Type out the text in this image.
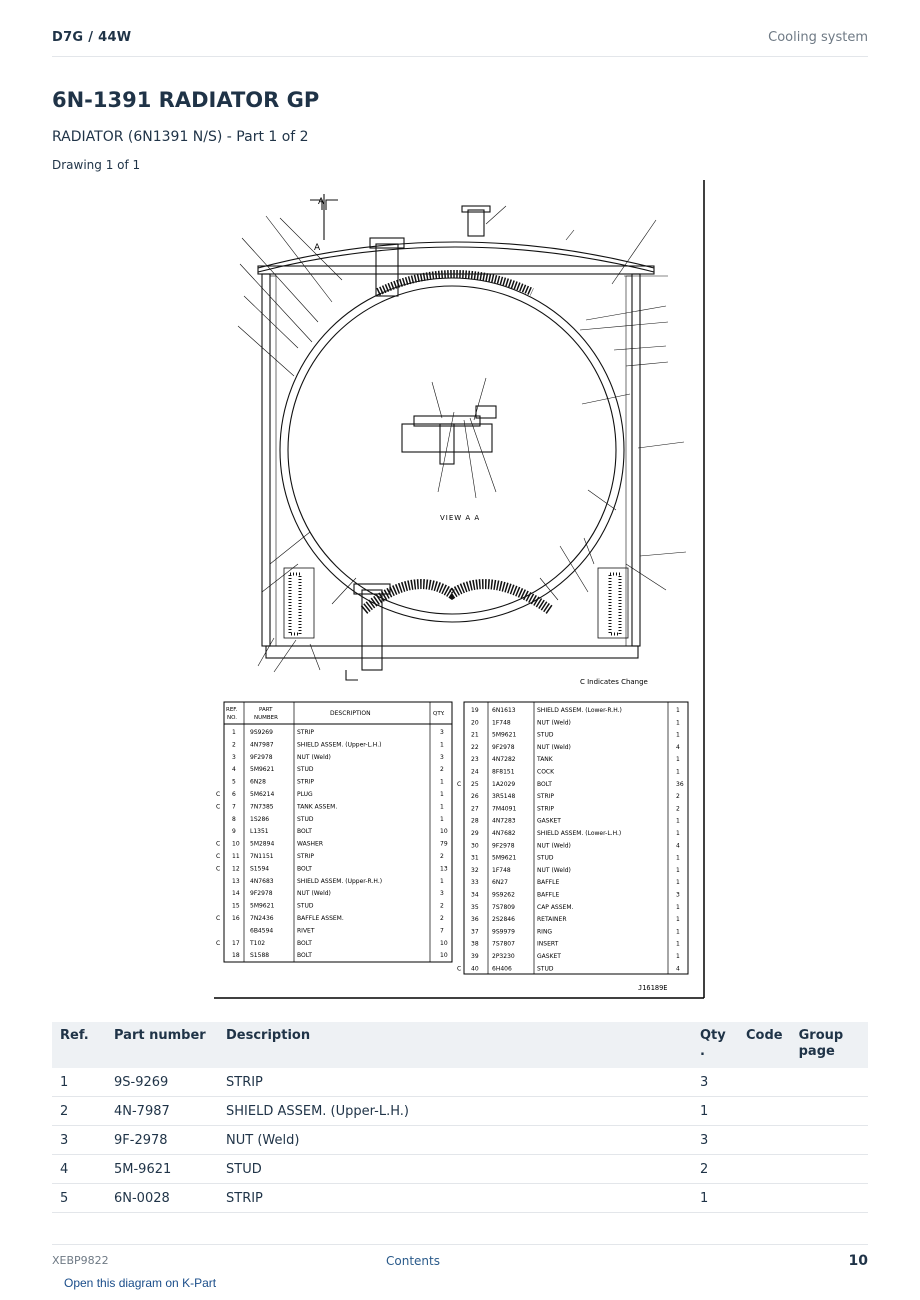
D7G / 44W	Cooling system
6N-1391 RADIATOR GP
RADIATOR (6N1391 N/S) - Part 1 of 2
Drawing 1 of 1
A
A
VIEW A A
C Indicates Change
J16189E
REF.
NO.
PART
NUMBER
DESCRIPTION	QTY.
1 9S9269	STRIP	3
2 4N7987	SHIELD ASSEM. (Upper-L.H.)	1
3 9F2978	NUT (Weld)	3
4 5M9621	STUD	2
5 6N28	STRIP	1
C 6 5M6214	PLUG	1
C 7 7N7385	TANK ASSEM.	1
8 1S286	STUD	1
9 L1351	BOLT	10
C 10 5M2894	WASHER	79
C 11 7N1151	STRIP	2
C 12 S1594	BOLT	13
13 4N7683	SHIELD ASSEM. (Upper-R.H.)	1
14 9F2978	NUT (Weld)	3
15 5M9621	STUD	2
C 16 7N2436	BAFFLE ASSEM.	2
6B4594	RIVET	7
C 17 T102	BOLT	10
18 S1588	BOLT	10
19 6N1613	SHIELD ASSEM. (Lower-R.H.)	1
20 1F748	NUT (Weld)	1
21 5M9621	STUD	1
22 9F2978	NUT (Weld)	4
23 4N7282	TANK	1
24 8F8151	COCK	1
C 25 1A2029	BOLT	36
26 3R5148	STRIP	2
27 7M4091	STRIP	2
28 4N7283	GASKET	1
29 4N7682	SHIELD ASSEM. (Lower-L.H.)	1
30 9F2978	NUT (Weld)	4
31 5M9621	STUD	1
32 1F748	NUT (Weld)	1
33 6N27	BAFFLE	1
34 9S9262	BAFFLE	3
35 7S7809	CAP ASSEM.	1
36 2S2846	RETAINER	1
37 9S9979	RING	1
38 7S7807	INSERT	1
39 2P3230	GASKET	1
C 40 6H406	STUD	4
Ref.	Part number	Description	Qty .	Code	Group page
1	9S-9269	STRIP	3		
2	4N-7987	SHIELD ASSEM. (Upper-L.H.)	1		
3	9F-2978	NUT (Weld)	3		
4	5M-9621	STUD	2		
5	6N-0028	STRIP	1		
XEBP9822	Contents	10
Open this diagram on K-Part
